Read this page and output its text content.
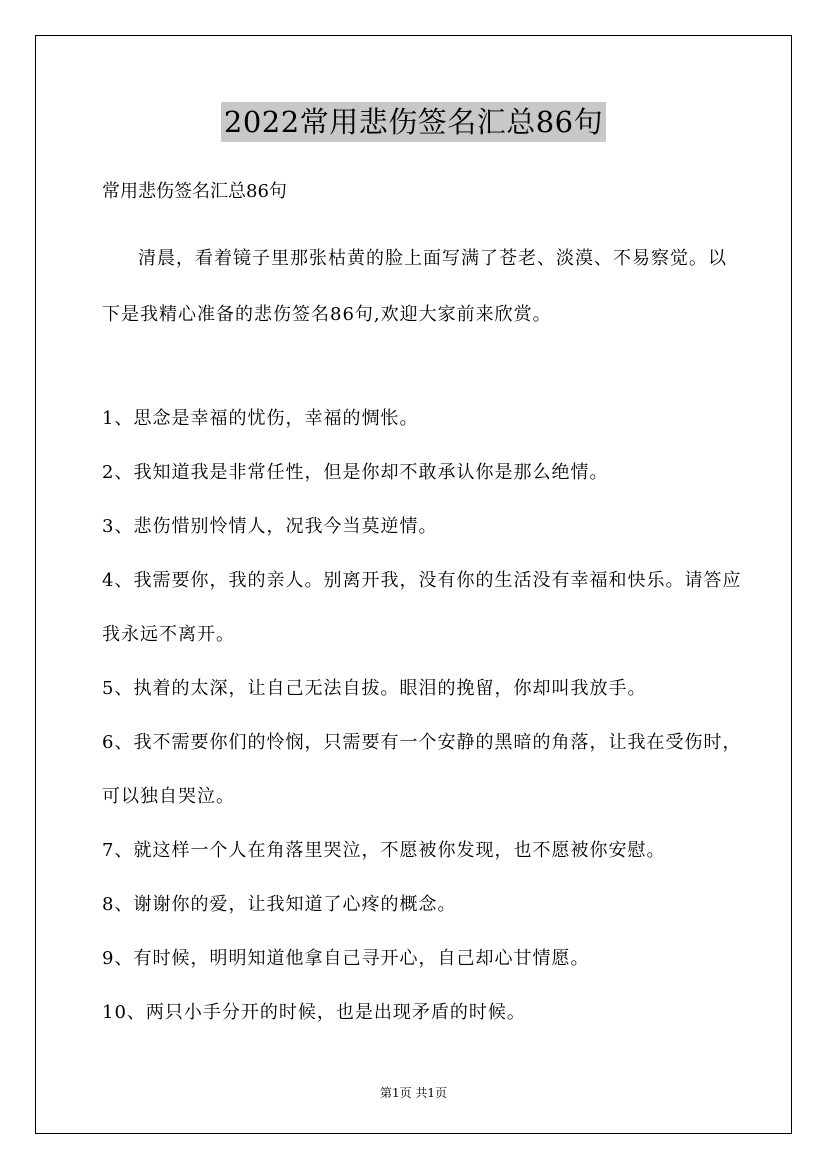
2022常用悲伤签名汇总86句
常用悲伤签名汇总86句

清晨，看着镜子里那张枯黄的脸上面写满了苍老、淡漠、不易察觉。以下是我精心准备的悲伤签名86句,欢迎大家前来欣赏。

1、思念是幸福的忧伤，幸福的惆怅。
2、我知道我是非常任性，但是你却不敢承认你是那么绝情。
3、悲伤惜别怜情人，况我今当莫逆情。
4、我需要你，我的亲人。别离开我，没有你的生活没有幸福和快乐。请答应我永远不离开。
5、执着的太深，让自己无法自拔。眼泪的挽留，你却叫我放手。
6、我不需要你们的怜悯，只需要有一个安静的黑暗的角落，让我在受伤时，可以独自哭泣。
7、就这样一个人在角落里哭泣，不愿被你发现，也不愿被你安慰。
8、谢谢你的爱，让我知道了心疼的概念。
9、有时候，明明知道他拿自己寻开心，自己却心甘情愿。
10、两只小手分开的时候，也是出现矛盾的时候。
第1页 共1页
